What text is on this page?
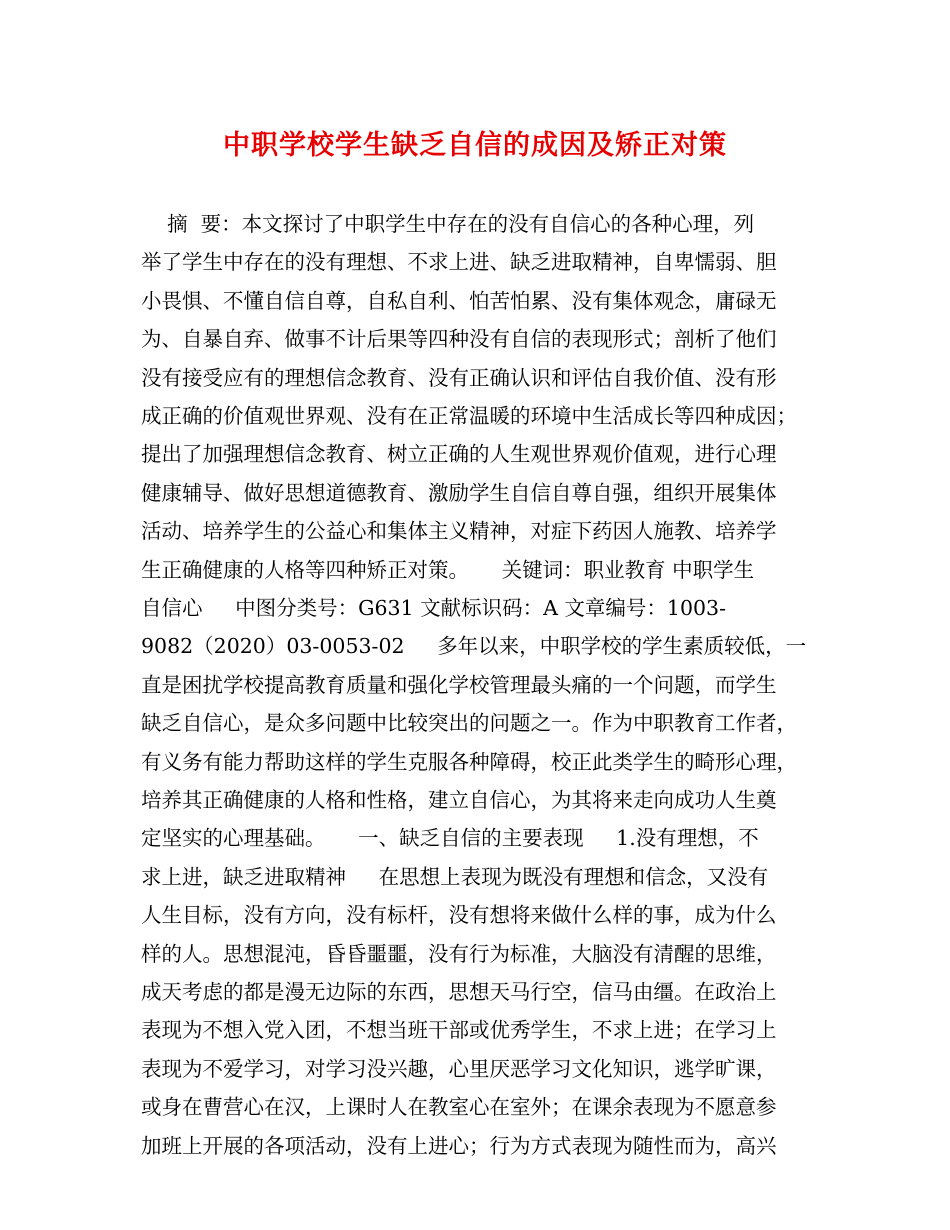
中职学校学生缺乏自信的成因及矫正对策
摘  要：本文探讨了中职学生中存在的没有自信心的各种心理，列
举了学生中存在的没有理想、不求上进、缺乏进取精神，自卑懦弱、胆
小畏惧、不懂自信自尊，自私自利、怕苦怕累、没有集体观念，庸碌无
为、自暴自弃、做事不计后果等四种没有自信的表现形式；剖析了他们
没有接受应有的理想信念教育、没有正确认识和评估自我价值、没有形
成正确的价值观世界观、没有在正常温暖的环境中生活成长等四种成因；
提出了加强理想信念教育、树立正确的人生观世界观价值观，进行心理
健康辅导、做好思想道德教育、激励学生自信自尊自强，组织开展集体
活动、培养学生的公益心和集体主义精神，对症下药因人施教、培养学
生正确健康的人格等四种矫正对策。     关键词：职业教育 中职学生
自信心     中图分类号：G631 文献标识码：A 文章编号：1003-
9082（2020）03-0053-02     多年以来，中职学校的学生素质较低，一
直是困扰学校提高教育质量和强化学校管理最头痛的一个问题，而学生
缺乏自信心，是众多问题中比较突出的问题之一。作为中职教育工作者，
有义务有能力帮助这样的学生克服各种障碍，校正此类学生的畸形心理，
培养其正确健康的人格和性格，建立自信心，为其将来走向成功人生奠
定坚实的心理基础。     一、缺乏自信的主要表现     1.没有理想，不
求上进，缺乏进取精神     在思想上表现为既没有理想和信念，又没有
人生目标，没有方向，没有标杆，没有想将来做什么样的事，成为什么
样的人。思想混沌，昏昏噩噩，没有行为标准，大脑没有清醒的思维，
成天考虑的都是漫无边际的东西，思想天马行空，信马由缰。在政治上
表现为不想入党入团，不想当班干部或优秀学生，不求上进；在学习上
表现为不爱学习，对学习没兴趣，心里厌恶学习文化知识，逃学旷课，
或身在曹营心在汉，上课时人在教室心在室外；在课余表现为不愿意参
加班上开展的各项活动，没有上进心；行为方式表现为随性而为，高兴
